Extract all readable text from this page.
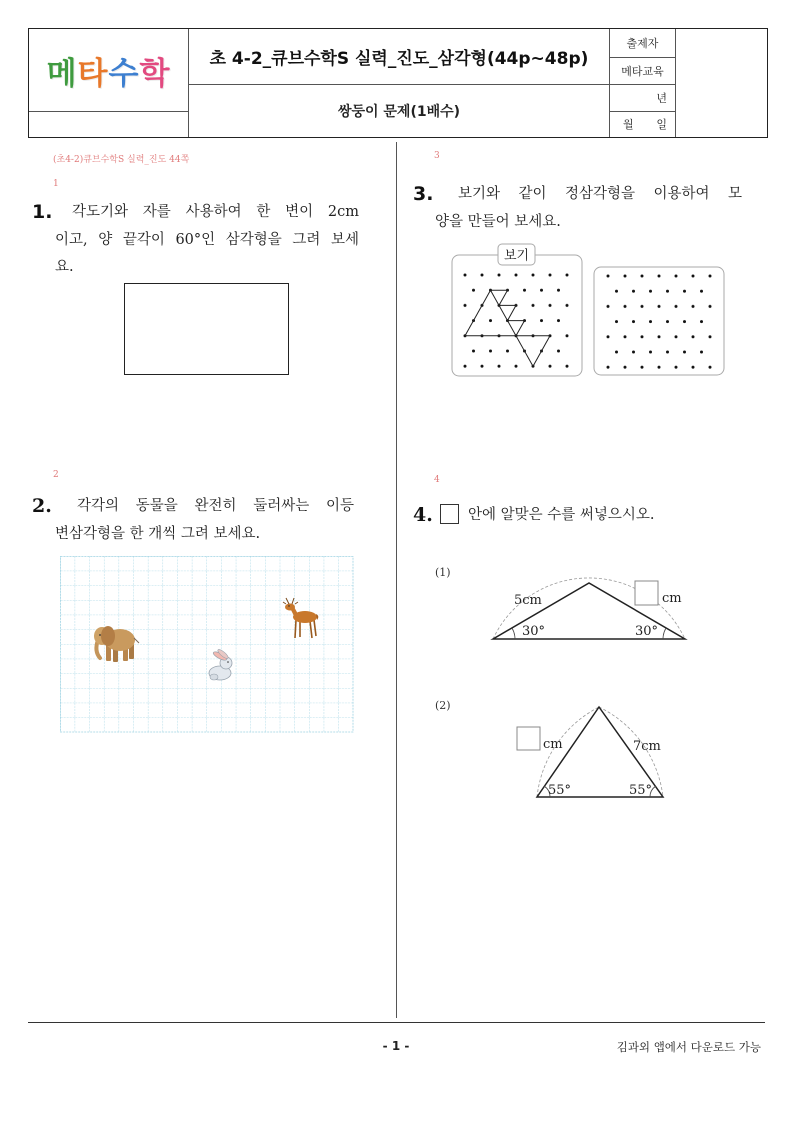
메 타 수 학	초 4-2_큐브수학S 실력_진도_삼각형(44p~48p)
쌍둥이 문제(1배수)
출제자
메타교육
년
월 일
(초4-2)큐브수학S 실력_진도 44쪽
1
1.	각도기와 자를 사용하여 한 변이 2cm
이고, 양 끝각이 60°인 삼각형을 그려 보세
요.
2
2.	각각의 동물을 완전히 둘러싸는 이등
변삼각형을 한 개씩 그려 보세요.
3
3.	보기와 같이 정삼각형을 이용하여 모
양을 만들어 보세요.
보기
4
4. 안에 알맞은 수를 써넣으시오.
(1)
cm
5cm
30°	30°
(2)
cm	7cm
55°	55°
- 1 -	김과외 앱에서 다운로드 가능
